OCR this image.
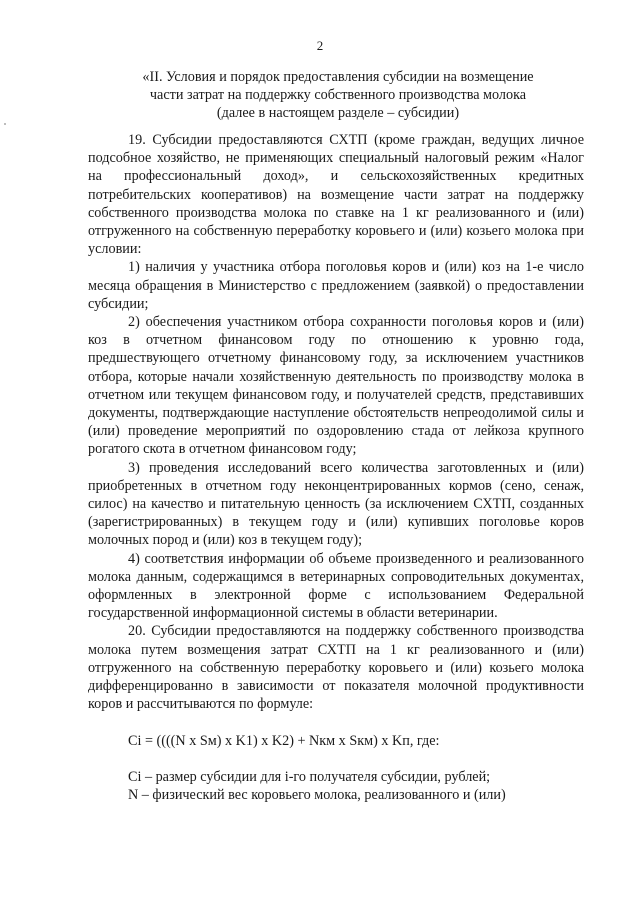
2
«II. Условия и порядок предоставления субсидии на возмещение
части затрат на поддержку собственного производства молока
(далее в настоящем разделе – субсидии)

19. Субсидии предоставляются СХТП (кроме граждан, ведущих личное подсобное хозяйство, не применяющих специальный налоговый режим «Налог на профессиональный доход», и сельскохозяйственных кредитных потребительских кооперативов) на возмещение части затрат на поддержку собственного производства молока по ставке на 1 кг реализованного и (или) отгруженного на собственную переработку коровьего и (или) козьего молока при условии:

1) наличия у участника отбора поголовья коров и (или) коз на 1-е число месяца обращения в Министерство с предложением (заявкой) о предоставлении субсидии;

2) обеспечения участником отбора сохранности поголовья коров и (или) коз в отчетном финансовом году по отношению к уровню года, предшествующего отчетному финансовому году, за исключением участников отбора, которые начали хозяйственную деятельность по производству молока в отчетном или текущем финансовом году, и получателей средств, представивших документы, подтверждающие наступление обстоятельств непреодолимой силы и (или) проведение мероприятий по оздоровлению стада от лейкоза крупного рогатого скота в отчетном финансовом году;

3) проведения исследований всего количества заготовленных и (или) приобретенных в отчетном году неконцентрированных кормов (сено, сенаж, силос) на качество и питательную ценность (за исключением СХТП, созданных (зарегистрированных) в текущем году и (или) купивших поголовье коров молочных пород и (или) коз в текущем году);

4) соответствия информации об объеме произведенного и реализованного молока данным, содержащимся в ветеринарных сопроводительных документах, оформленных в электронной форме с использованием Федеральной государственной информационной системы в области ветеринарии.

20. Субсидии предоставляются на поддержку собственного производства молока путем возмещения затрат СХТП на 1 кг реализованного и (или) отгруженного на собственную переработку коровьего и (или) козьего молока дифференцированно в зависимости от показателя молочной продуктивности коров и рассчитываются по формуле:

Ci = ((((N x Sм) x K1) x K2) + Nкм x Sкм) x Kп, где:

Ci – размер субсидии для i-го получателя субсидии, рублей;

N – физический вес коровьего молока, реализованного и (или)
